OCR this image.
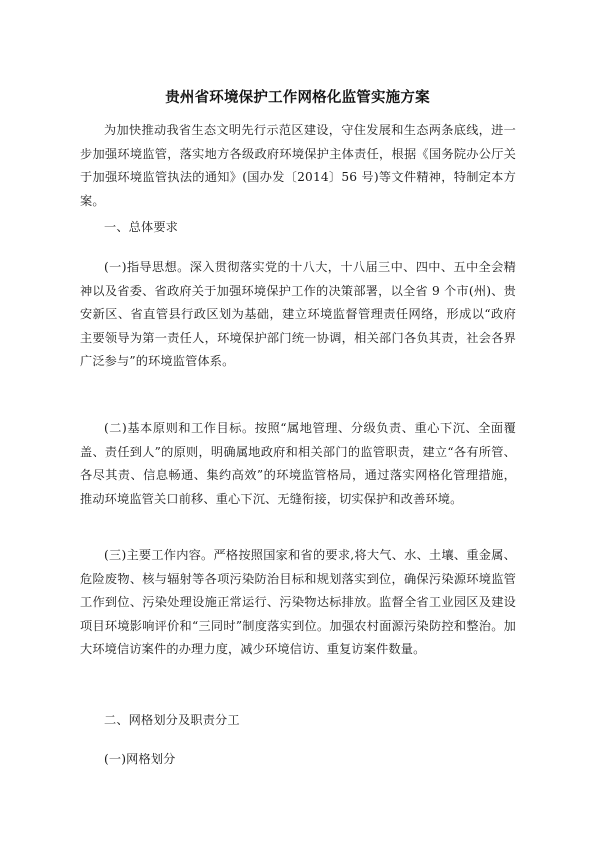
贵州省环境保护工作网格化监管实施方案

为加快推动我省生态文明先行示范区建设，守住发展和生态两条底线，进一步加强环境监管，落实地方各级政府环境保护主体责任，根据《国务院办公厅关于加强环境监管执法的通知》(国办发〔2014〕56 号)等文件精神，特制定本方案。

一、总体要求

(一)指导思想。深入贯彻落实党的十八大，十八届三中、四中、五中全会精神以及省委、省政府关于加强环境保护工作的决策部署，以全省 9 个市(州)、贵安新区、省直管县行政区划为基础，建立环境监督管理责任网络，形成以“政府主要领导为第一责任人，环境保护部门统一协调，相关部门各负其责，社会各界广泛参与”的环境监管体系。

(二)基本原则和工作目标。按照“属地管理、分级负责、重心下沉、全面覆盖、责任到人”的原则，明确属地政府和相关部门的监管职责，建立“各有所管、各尽其责、信息畅通、集约高效”的环境监管格局，通过落实网格化管理措施，推动环境监管关口前移、重心下沉、无缝衔接，切实保护和改善环境。

(三)主要工作内容。严格按照国家和省的要求,将大气、水、土壤、重金属、危险废物、核与辐射等各项污染防治目标和规划落实到位，确保污染源环境监管工作到位、污染处理设施正常运行、污染物达标排放。监督全省工业园区及建设项目环境影响评价和“三同时”制度落实到位。加强农村面源污染防控和整治。加大环境信访案件的办理力度，减少环境信访、重复访案件数量。

二、网格划分及职责分工

(一)网格划分
